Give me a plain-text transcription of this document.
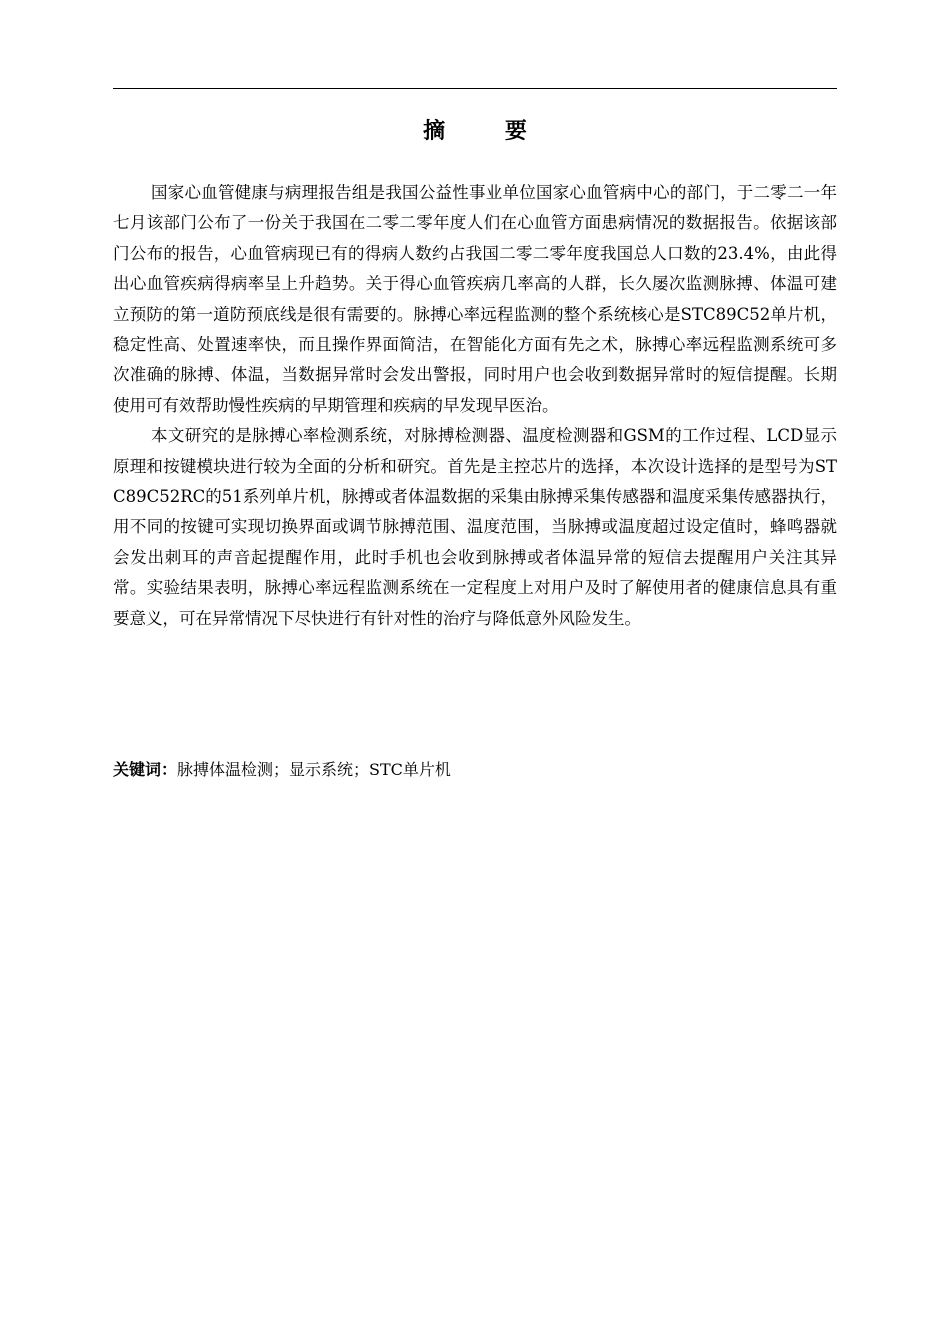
摘 要

国家心血管健康与病理报告组是我国公益性事业单位国家心血管病中心的部门，于二零二一年七月该部门公布了一份关于我国在二零二零年度人们在心血管方面患病情况的数据报告。依据该部门公布的报告，心血管病现已有的得病人数约占我国二零二零年度我国总人口数的23.4%，由此得出心血管疾病得病率呈上升趋势。关于得心血管疾病几率高的人群，长久屡次监测脉搏、体温可建立预防的第一道防预底线是很有需要的。脉搏心率远程监测的整个系统核心是STC89C52单片机，稳定性高、处置速率快，而且操作界面简洁，在智能化方面有先之术，脉搏心率远程监测系统可多次准确的脉搏、体温，当数据异常时会发出警报，同时用户也会收到数据异常时的短信提醒。长期使用可有效帮助慢性疾病的早期管理和疾病的早发现早医治。

本文研究的是脉搏心率检测系统，对脉搏检测器、温度检测器和GSM的工作过程、LCD显示原理和按键模块进行较为全面的分析和研究。首先是主控芯片的选择，本次设计选择的是型号为STC89C52RC的51系列单片机，脉搏或者体温数据的采集由脉搏采集传感器和温度采集传感器执行，用不同的按键可实现切换界面或调节脉搏范围、温度范围，当脉搏或温度超过设定值时，蜂鸣器就会发出刺耳的声音起提醒作用，此时手机也会收到脉搏或者体温异常的短信去提醒用户关注其异常。实验结果表明，脉搏心率远程监测系统在一定程度上对用户及时了解使用者的健康信息具有重要意义，可在异常情况下尽快进行有针对性的治疗与降低意外风险发生。

关键词：脉搏体温检测；显示系统；STC单片机
